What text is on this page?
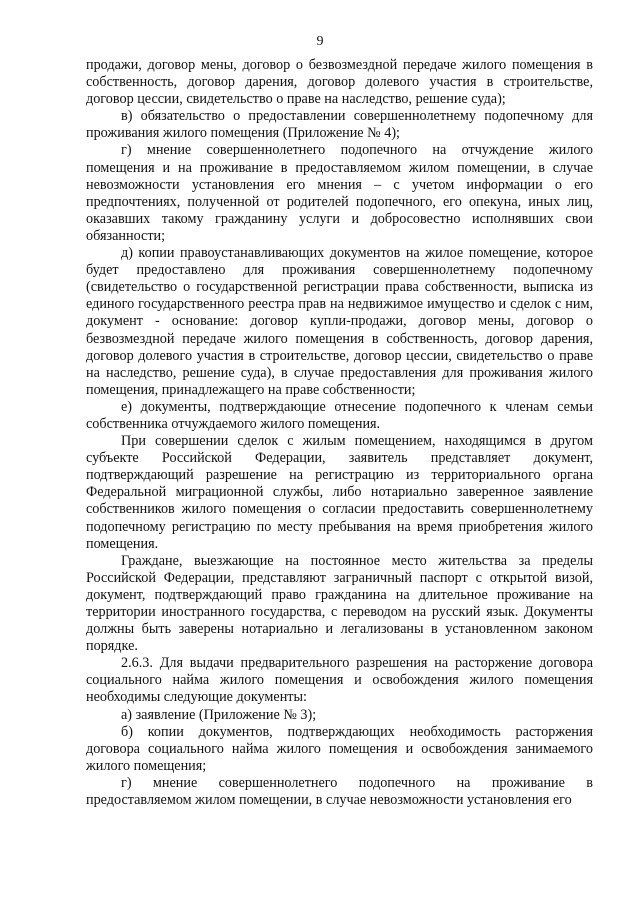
9

продажи, договор мены, договор о безвозмездной передаче жилого помещения в собственность, договор дарения, договор долевого участия в строительстве, договор цессии, свидетельство о праве на наследство, решение суда);

в) обязательство о предоставлении совершеннолетнему подопечному для проживания жилого помещения (Приложение № 4);

г) мнение совершеннолетнего подопечного на отчуждение жилого помещения и на проживание в предоставляемом жилом помещении, в случае невозможности установления его мнения – с учетом информации о его предпочтениях, полученной от родителей подопечного, его опекуна, иных лиц, оказавших такому гражданину услуги и добросовестно исполнявших свои обязанности;

д) копии правоустанавливающих документов на жилое помещение, которое будет предоставлено для проживания совершеннолетнему подопечному (свидетельство о государственной регистрации права собственности, выписка из единого государственного реестра прав на недвижимое имущество и сделок с ним, документ - основание: договор купли-продажи, договор мены, договор о безвозмездной передаче жилого помещения в собственность, договор дарения, договор долевого участия в строительстве, договор цессии, свидетельство о праве на наследство, решение суда), в случае предоставления для проживания жилого помещения, принадлежащего на праве собственности;

е) документы, подтверждающие отнесение подопечного к членам семьи собственника отчуждаемого жилого помещения.

При совершении сделок с жилым помещением, находящимся в другом субъекте Российской Федерации, заявитель представляет документ, подтверждающий разрешение на регистрацию из территориального органа Федеральной миграционной службы, либо нотариально заверенное заявление собственников жилого помещения о согласии предоставить совершеннолетнему подопечному регистрацию по месту пребывания на время приобретения жилого помещения.

Граждане, выезжающие на постоянное место жительства за пределы Российской Федерации, представляют заграничный паспорт с открытой визой, документ, подтверждающий право гражданина на длительное проживание на территории иностранного государства, с переводом на русский язык. Документы должны быть заверены нотариально и легализованы в установленном законом порядке.

2.6.3. Для выдачи предварительного разрешения на расторжение договора социального найма жилого помещения и освобождения жилого помещения необходимы следующие документы:

а) заявление (Приложение № 3);

б) копии документов, подтверждающих необходимость расторжения договора социального найма жилого помещения и освобождения занимаемого жилого помещения;

г) мнение совершеннолетнего подопечного на проживание в предоставляемом жилом помещении, в случае невозможности установления его
